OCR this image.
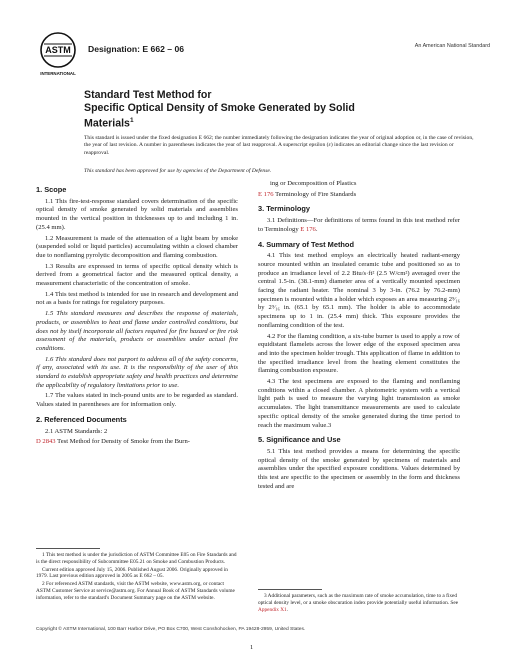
ASTM
INTERNATIONAL
Designation: E 662 – 06	An American National Standard
Standard Test Method for
Specific Optical Density of Smoke Generated by Solid
Materials$^1$
This standard is issued under the fixed designation E 662; the number immediately following the designation indicates the year of original adoption or, in the case of revision, the year of last revision. A number in parentheses indicates the year of last reapproval. A superscript epsilon (ε) indicates an editorial change since the last revision or reapproval.
This standard has been approved for use by agencies of the Department of Defense.
1. Scope

1.1 This fire-test-response standard covers determination of the specific optical density of smoke generated by solid materials and assemblies mounted in the vertical position in thicknesses up to and including 1 in. (25.4 mm).

1.2 Measurement is made of the attenuation of a light beam by smoke (suspended solid or liquid particles) accumulating within a closed chamber due to nonflaming pyrolytic decomposition and flaming combustion.

1.3 Results are expressed in terms of specific optical density which is derived from a geometrical factor and the measured optical density, a measurement characteristic of the concentration of smoke.

1.4 This test method is intended for use in research and development and not as a basis for ratings for regulatory purposes.

1.5 This standard measures and describes the response of materials, products, or assemblies to heat and flame under controlled conditions, but does not by itself incorporate all factors required for fire hazard or fire risk assessment of the materials, products or assemblies under actual fire conditions.

1.6 This standard does not purport to address all of the safety concerns, if any, associated with its use. It is the responsibility of the user of this standard to establish appropriate safety and health practices and determine the applicability of regulatory limitations prior to use.

1.7 The values stated in inch-pound units are to be regarded as standard. Values stated in parentheses are for information only.

2. Referenced Documents

2.1 ASTM Standards: 2

D 2843 Test Method for Density of Smoke from the Burn-

ing or Decomposition of Plastics

E 176 Terminology of Fire Standards

3. Terminology

3.1 Definitions—For definitions of terms found in this test method refer to Terminology E 176.

4. Summary of Test Method

4.1 This test method employs an electrically heated radiant-energy source mounted within an insulated ceramic tube and positioned so as to produce an irradiance level of 2.2 Btu/s·ft² (2.5 W/cm²) averaged over the central 1.5-in. (38.1-mm) diameter area of a vertically mounted specimen facing the radiant heater. The nominal 3 by 3-in. (76.2 by 76.2-mm) specimen is mounted within a holder which exposes an area measuring 2⁹⁄₁₆ by 2⁹⁄₁₆ in. (65.1 by 65.1 mm). The holder is able to accommodate specimens up to 1 in. (25.4 mm) thick. This exposure provides the nonflaming condition of the test.

4.2 For the flaming condition, a six-tube burner is used to apply a row of equidistant flamelets across the lower edge of the exposed specimen area and into the specimen holder trough. This application of flame in addition to the specified irradiance level from the heating element constitutes the flaming combustion exposure.

4.3 The test specimens are exposed to the flaming and nonflaming conditions within a closed chamber. A photometric system with a vertical light path is used to measure the varying light transmission as smoke accumulates. The light transmittance measurements are used to calculate specific optical density of the smoke generated during the time period to reach the maximum value.3

5. Significance and Use

5.1 This test method provides a means for determining the specific optical density of the smoke generated by specimens of materials and assemblies under the specified exposure conditions. Values determined by this test are specific to the specimen or assembly in the form and thickness tested and are

1 This test method is under the jurisdiction of ASTM Committee E05 on Fire Standards and is the direct responsibility of Subcommittee E05.21 on Smoke and Combustion Products.

Current edition approved July 15, 2006. Published August 2006. Originally approved in 1979. Last previous edition approved in 2005 as E 662 – 05.

2 For referenced ASTM standards, visit the ASTM website, www.astm.org, or contact ASTM Customer Service at service@astm.org. For Annual Book of ASTM Standards volume information, refer to the standard's Document Summary page on the ASTM website.	3 Additional parameters, such as the maximum rate of smoke accumulation, time to a fixed optical density level, or a smoke obscuration index provide potentially useful information. See Appendix X1.

Copyright © ASTM International, 100 Barr Harbor Drive, PO Box C700, West Conshohocken, PA 19428-2959, United States.
1
